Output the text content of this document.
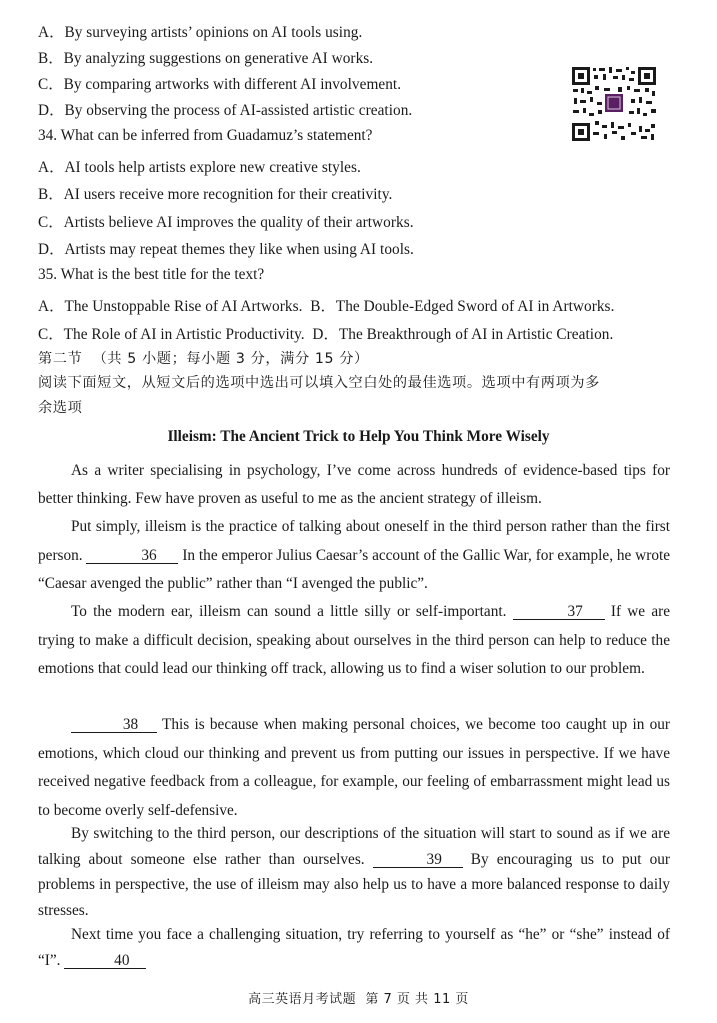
A．By surveying artists’ opinions on AI tools using.
B．By analyzing suggestions on generative AI works.
C．By comparing artworks with different AI involvement.
D．By observing the process of AI-assisted artistic creation.
34. What can be inferred from Guadamuz’s statement?
A．AI tools help artists explore new creative styles.
B．AI users receive more recognition for their creativity.
C．Artists believe AI improves the quality of their artworks.
D．Artists may repeat themes they like when using AI tools.
35. What is the best title for the text?
A．The Unstoppable Rise of AI Artworks.  B．The Double-Edged Sword of AI in Artworks.
C．The Role of AI in Artistic Productivity.  D．The Breakthrough of AI in Artistic Creation.
第二节  （共 5 小题；每小题 3 分，满分 15 分）
阅读下面短文，从短文后的选项中选出可以填入空白处的最佳选项。选项中有两项为多
余选项
Illeism: The Ancient Trick to Help You Think More Wisely

As a writer specialising in psychology, I’ve come across hundreds of evidence-based tips for better thinking. Few have proven as useful to me as the ancient strategy of illeism.

Put simply, illeism is the practice of talking about oneself in the third person rather than the first person.	36 In the emperor Julius Caesar’s account of the Gallic War, for example, he wrote “Caesar avenged the public” rather than “I avenged the public”.

To the modern ear, illeism can sound a little silly or self-important.	37 If we are trying to make a difficult decision, speaking about ourselves in the third person can help to reduce the emotions that could lead our thinking off track, allowing us to find a wiser solution to our problem.

38 This is because when making personal choices, we become too caught up in our emotions, which cloud our thinking and prevent us from putting our issues in perspective. If we have received negative feedback from a colleague, for example, our feeling of embarrassment might lead us to become overly self-defensive.

By switching to the third person, our descriptions of the situation will start to sound as if we are talking about someone else rather than ourselves.	39 By encouraging us to put our problems in perspective, the use of illeism may also help us to have a more balanced response to daily stresses.

Next time you face a challenging situation, try referring to yourself as “he” or “she” instead of “I”.	40

高三英语月考试题  第 7 页 共 11 页
